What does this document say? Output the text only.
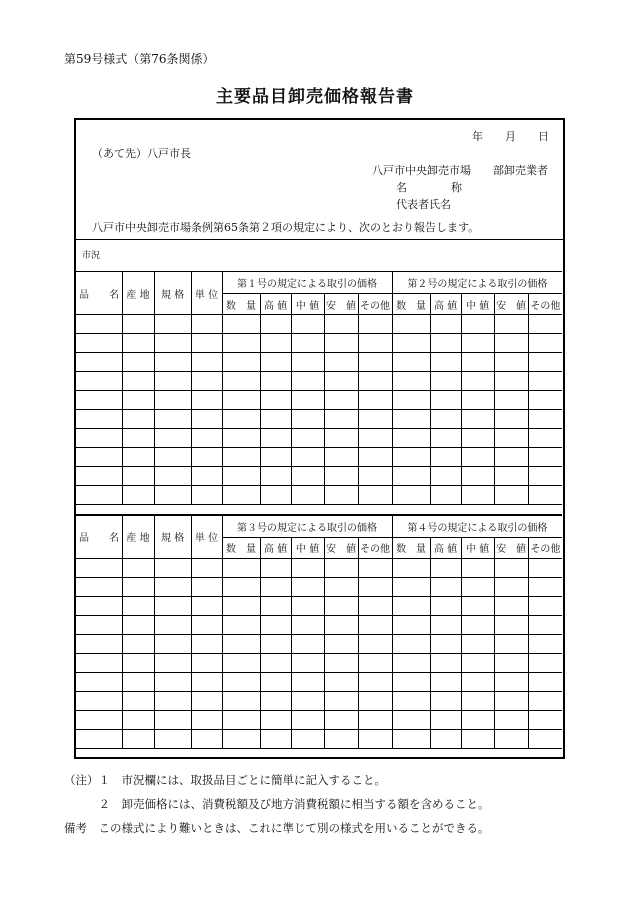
第59号様式（第76条関係）
主要品目卸売価格報告書
年　　月　　日
（あて先）八戸市長
八戸市中央卸売市場　　部卸売業者
名　　　　称
代表者氏名
八戸市中央卸売市場条例第65条第２項の規定により、次のとおり報告します。
市況
品　　名	産 地	規 格	単 位	第１号の規定による取引の価格					第２号の規定による取引の価格				
				数　量	高 値	中 値	安　値	その他	数　量	高 値	中 値	安　値	その他

品　　名	産 地	規 格	単 位	第３号の規定による取引の価格					第４号の規定による取引の価格				
				数　量	高 値	中 値	安　値	その他	数　量	高 値	中 値	安　値	その他

（注）１　市況欄には、取扱品目ごとに簡単に記入すること。
　　　２　卸売価格には、消費税額及び地方消費税額に相当する額を含めること。
備考　この様式により難いときは、これに準じて別の様式を用いることができる。
